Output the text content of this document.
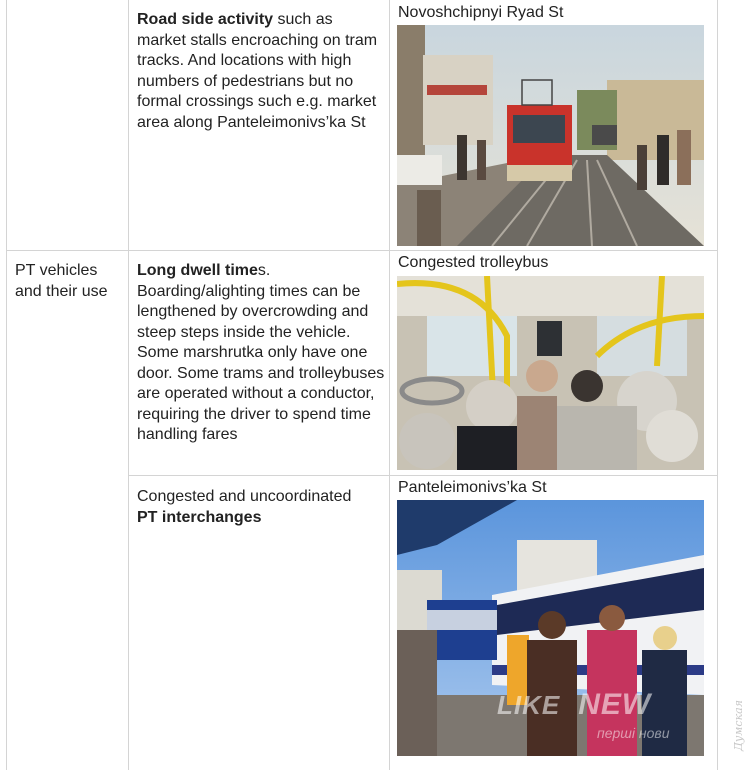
Road side activity such as market stalls encroaching on tram tracks. And locations with high numbers of pedestrians but no formal crossings such e.g. market area along Panteleimonivs’ka St
Novoshchipnyi Ryad St
PT vehicles
and their use
Long dwell times.
Boarding/alighting times can be lengthened by overcrowding and steep steps inside the vehicle. Some marshrutka only have one door. Some trams and trolleybuses are operated without a conductor, requiring the driver to spend time handling fares
Congested trolleybus
Congested and uncoordinated
PT interchanges
Panteleimonivs’ka St
LIKE NEW
перші нови	Думская
